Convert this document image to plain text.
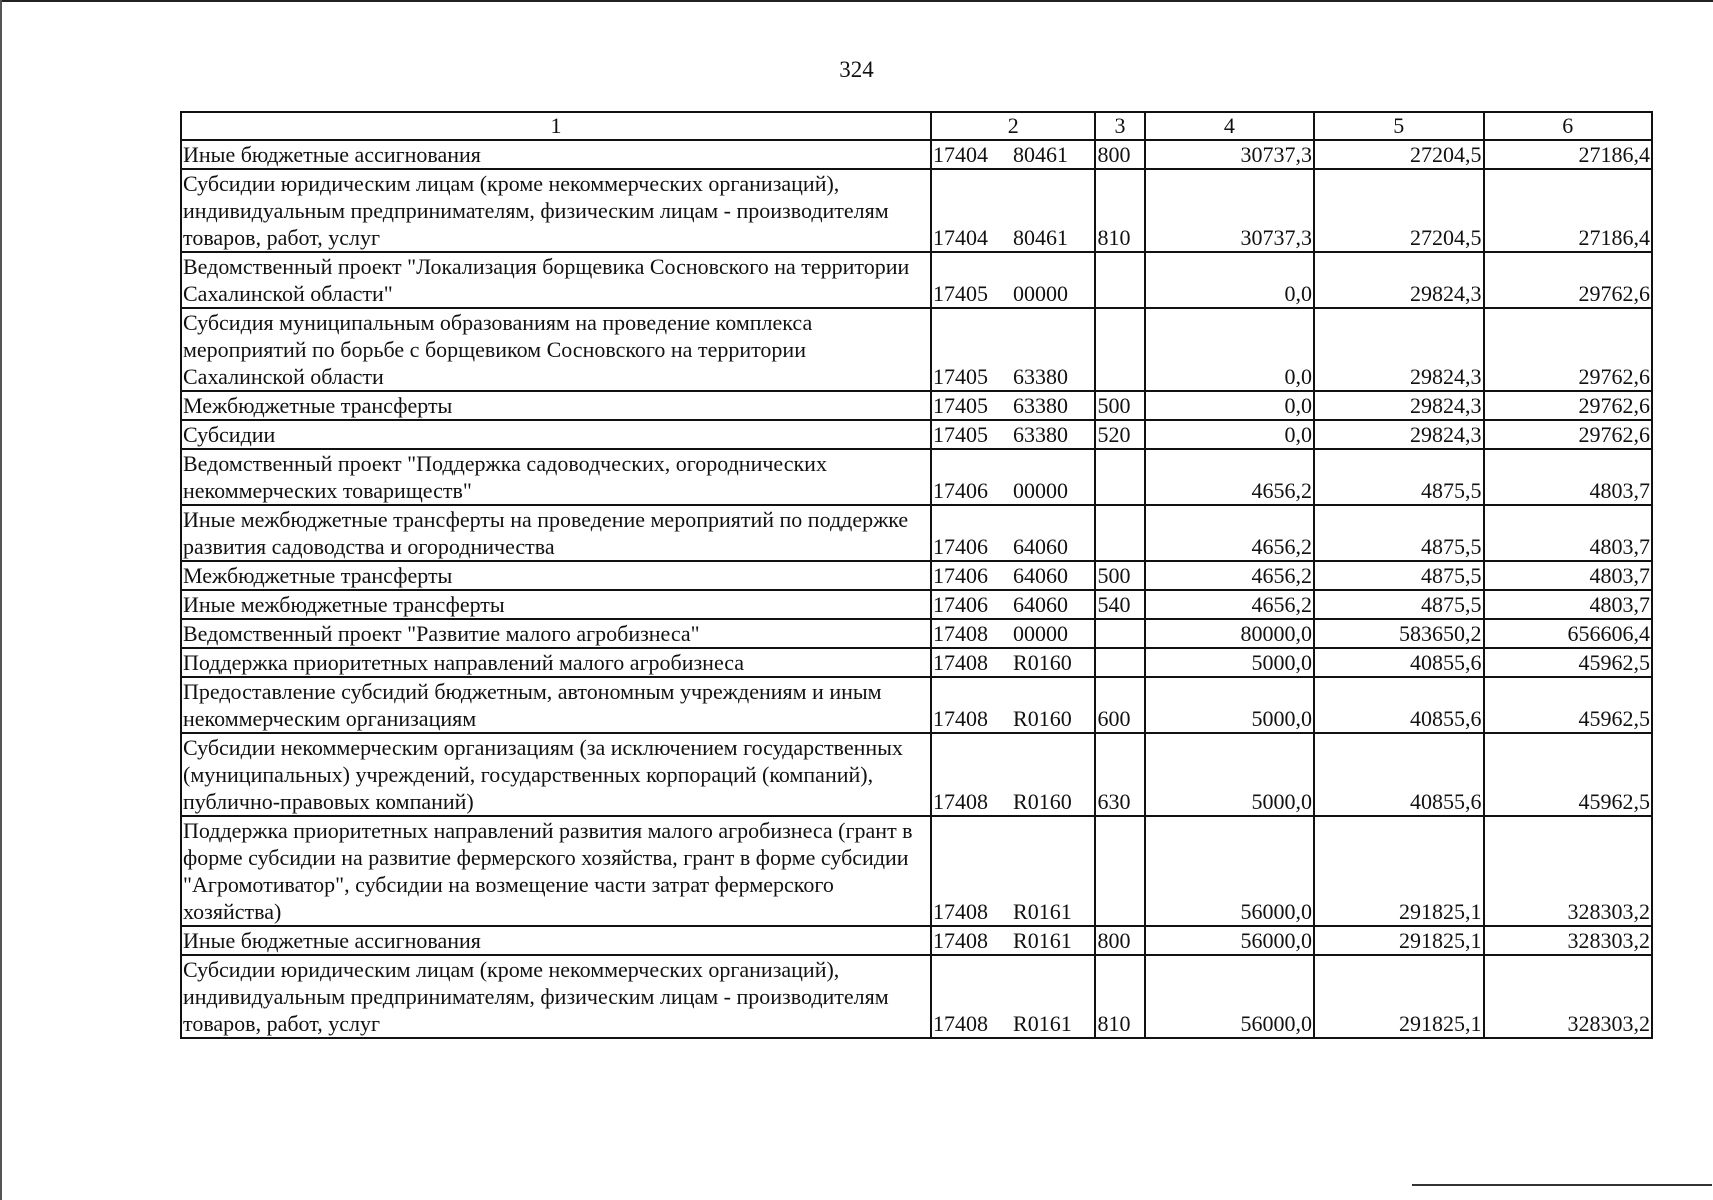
324
1	2	3	4	5	6
Иные бюджетные ассигнования	17404 80461	800	30737,3	27204,5	27186,4
Субсидии юридическим лицам (кроме некоммерческих организаций), индивидуальным предпринимателям, физическим лицам - производителям товаров, работ, услуг	17404 80461	810	30737,3	27204,5	27186,4
Ведомственный проект "Локализация борщевика Сосновского на территории Сахалинской области"	17405 00000		0,0	29824,3	29762,6
Субсидия муниципальным образованиям на проведение комплекса мероприятий по борьбе с борщевиком Сосновского на территории Сахалинской области	17405 63380		0,0	29824,3	29762,6
Межбюджетные трансферты	17405 63380	500	0,0	29824,3	29762,6
Субсидии	17405 63380	520	0,0	29824,3	29762,6
Ведомственный проект "Поддержка садоводческих, огороднических некоммерческих товариществ"	17406 00000		4656,2	4875,5	4803,7
Иные межбюджетные трансферты на проведение мероприятий по поддержке развития садоводства и огородничества	17406 64060		4656,2	4875,5	4803,7
Межбюджетные трансферты	17406 64060	500	4656,2	4875,5	4803,7
Иные межбюджетные трансферты	17406 64060	540	4656,2	4875,5	4803,7
Ведомственный проект "Развитие малого агробизнеса"	17408 00000		80000,0	583650,2	656606,4
Поддержка приоритетных направлений малого агробизнеса	17408 R0160		5000,0	40855,6	45962,5
Предоставление субсидий бюджетным, автономным учреждениям и иным некоммерческим организациям	17408 R0160	600	5000,0	40855,6	45962,5
Субсидии некоммерческим организациям (за исключением государственных (муниципальных) учреждений, государственных корпораций (компаний), публично-правовых компаний)	17408 R0160	630	5000,0	40855,6	45962,5
Поддержка приоритетных направлений развития малого агробизнеса (грант в форме субсидии на развитие фермерского хозяйства, грант в форме субсидии "Агромотиватор", субсидии на возмещение части затрат фермерского хозяйства)	17408 R0161		56000,0	291825,1	328303,2
Иные бюджетные ассигнования	17408 R0161	800	56000,0	291825,1	328303,2
Субсидии юридическим лицам (кроме некоммерческих организаций), индивидуальным предпринимателям, физическим лицам - производителям товаров, работ, услуг	17408 R0161	810	56000,0	291825,1	328303,2
